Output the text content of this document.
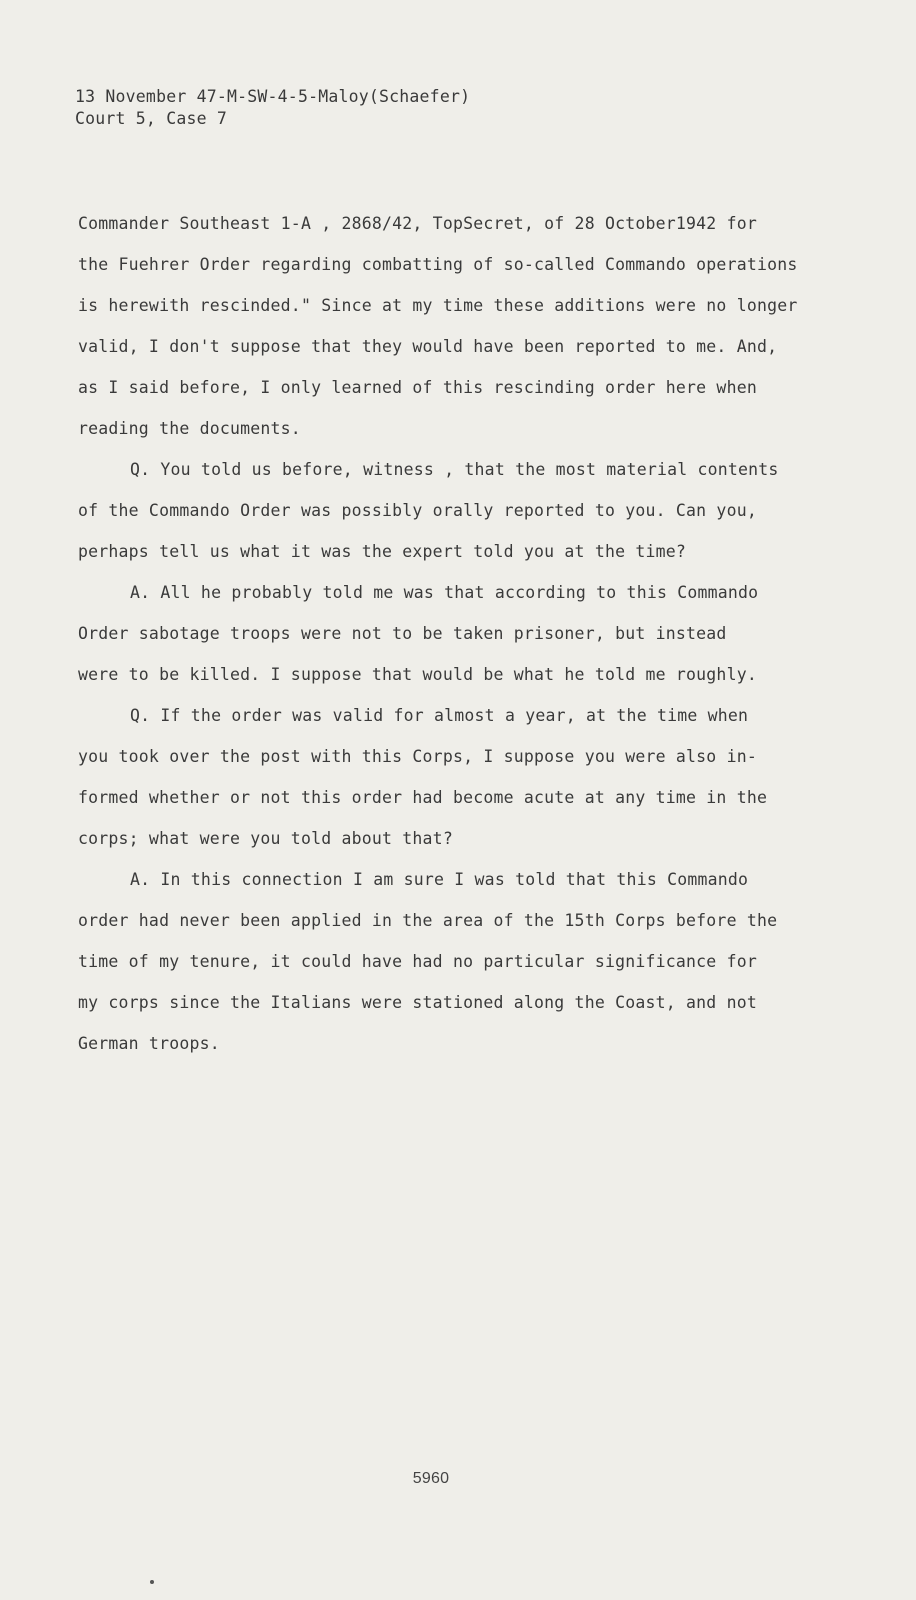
13 November 47-M-SW-4-5-Maloy(Schaefer)
Court 5, Case 7
Commander Southeast 1-A , 2868/42, TopSecret, of 28 October1942 for
the Fuehrer Order regarding combatting of so-called Commando operations
is herewith rescinded." Since at my time these additions were no longer
valid, I don't suppose that they would have been reported to me. And,
as I said before, I only learned of this rescinding order here when
reading the documents.
Q. You told us before, witness , that the most material contents
of the Commando Order was possibly orally reported to you. Can you,
perhaps tell us what it was the expert told you at the time?
A. All he probably told me was that according to this Commando
Order sabotage troops were not to be taken prisoner, but instead
were to be killed. I suppose that would be what he told me roughly.
Q. If the order was valid for almost a year, at the time when
you took over the post with this Corps, I suppose you were also in-
formed whether or not this order had become acute at any time in the
corps; what were you told about that?
A. In this connection I am sure I was told that this Commando
order had never been applied in the area of the 15th Corps before the
time of my tenure, it could have had no particular significance for
my corps since the Italians were stationed along the Coast, and not
German troops.
5960
